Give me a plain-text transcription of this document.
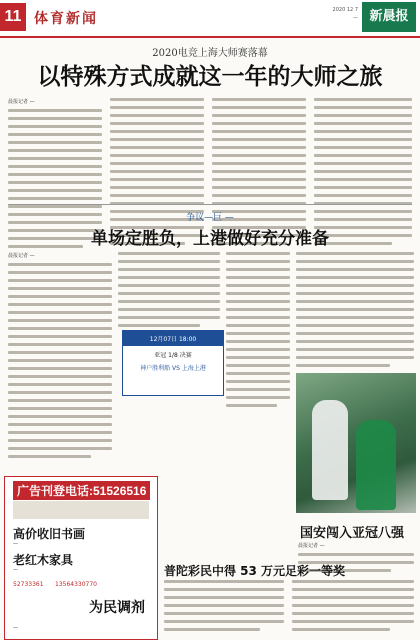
11 体育新闻
2020 12 7
— 新晨报
2020电竞上海大师赛落幕
以特殊方式成就这一年的大师之旅
晨报记者 —
争议—巨 —
单场定胜负，上港做好充分准备
晨报记者 —
12月07日 18:00
亚冠 1/8 决赛
神户胜利船 VS 上海上港
国安闯入亚冠八强
晨报记者 —
普陀彩民中得 53 万元足彩一等奖
广告刊登电话:51526516
高价收旧书画
—
老红木家具
—
52733361 13564330770
为民调剂
—
